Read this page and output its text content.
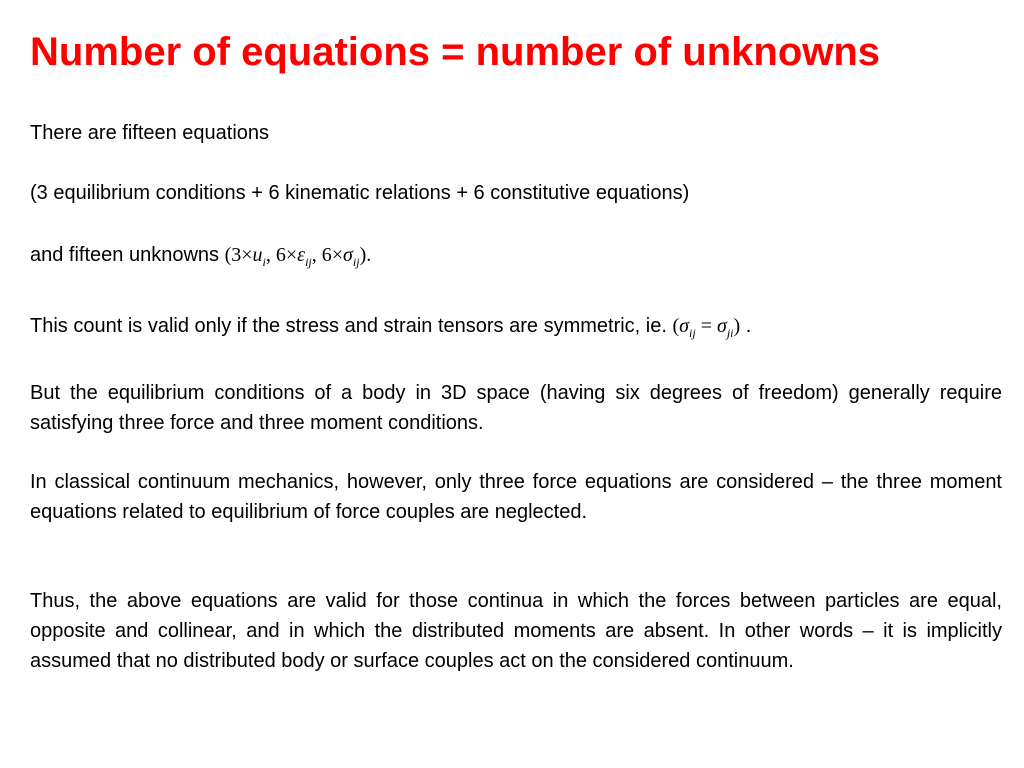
Number of equations = number of unknowns
There are fifteen equations
(3 equilibrium conditions + 6 kinematic relations + 6 constitutive equations)
and fifteen unknowns ($3\times u_i$, $6\times\varepsilon_{ij}$, $6\times\sigma_{ij}$).
This count is valid only if the stress and strain tensors are symmetric, ie. $(\sigma_{ij} = \sigma_{ji})$ .
But the equilibrium conditions of a body in 3D space (having six degrees of freedom) generally require satisfying three force and three moment conditions.
In classical continuum mechanics, however, only three force equations are considered – the three moment equations related to equilibrium of force couples are neglected.
Thus, the above equations are valid for those continua in which the forces between particles are equal, opposite and collinear, and in which the distributed moments are absent. In other words – it is implicitly assumed that no distributed body or surface couples act on the considered continuum.
